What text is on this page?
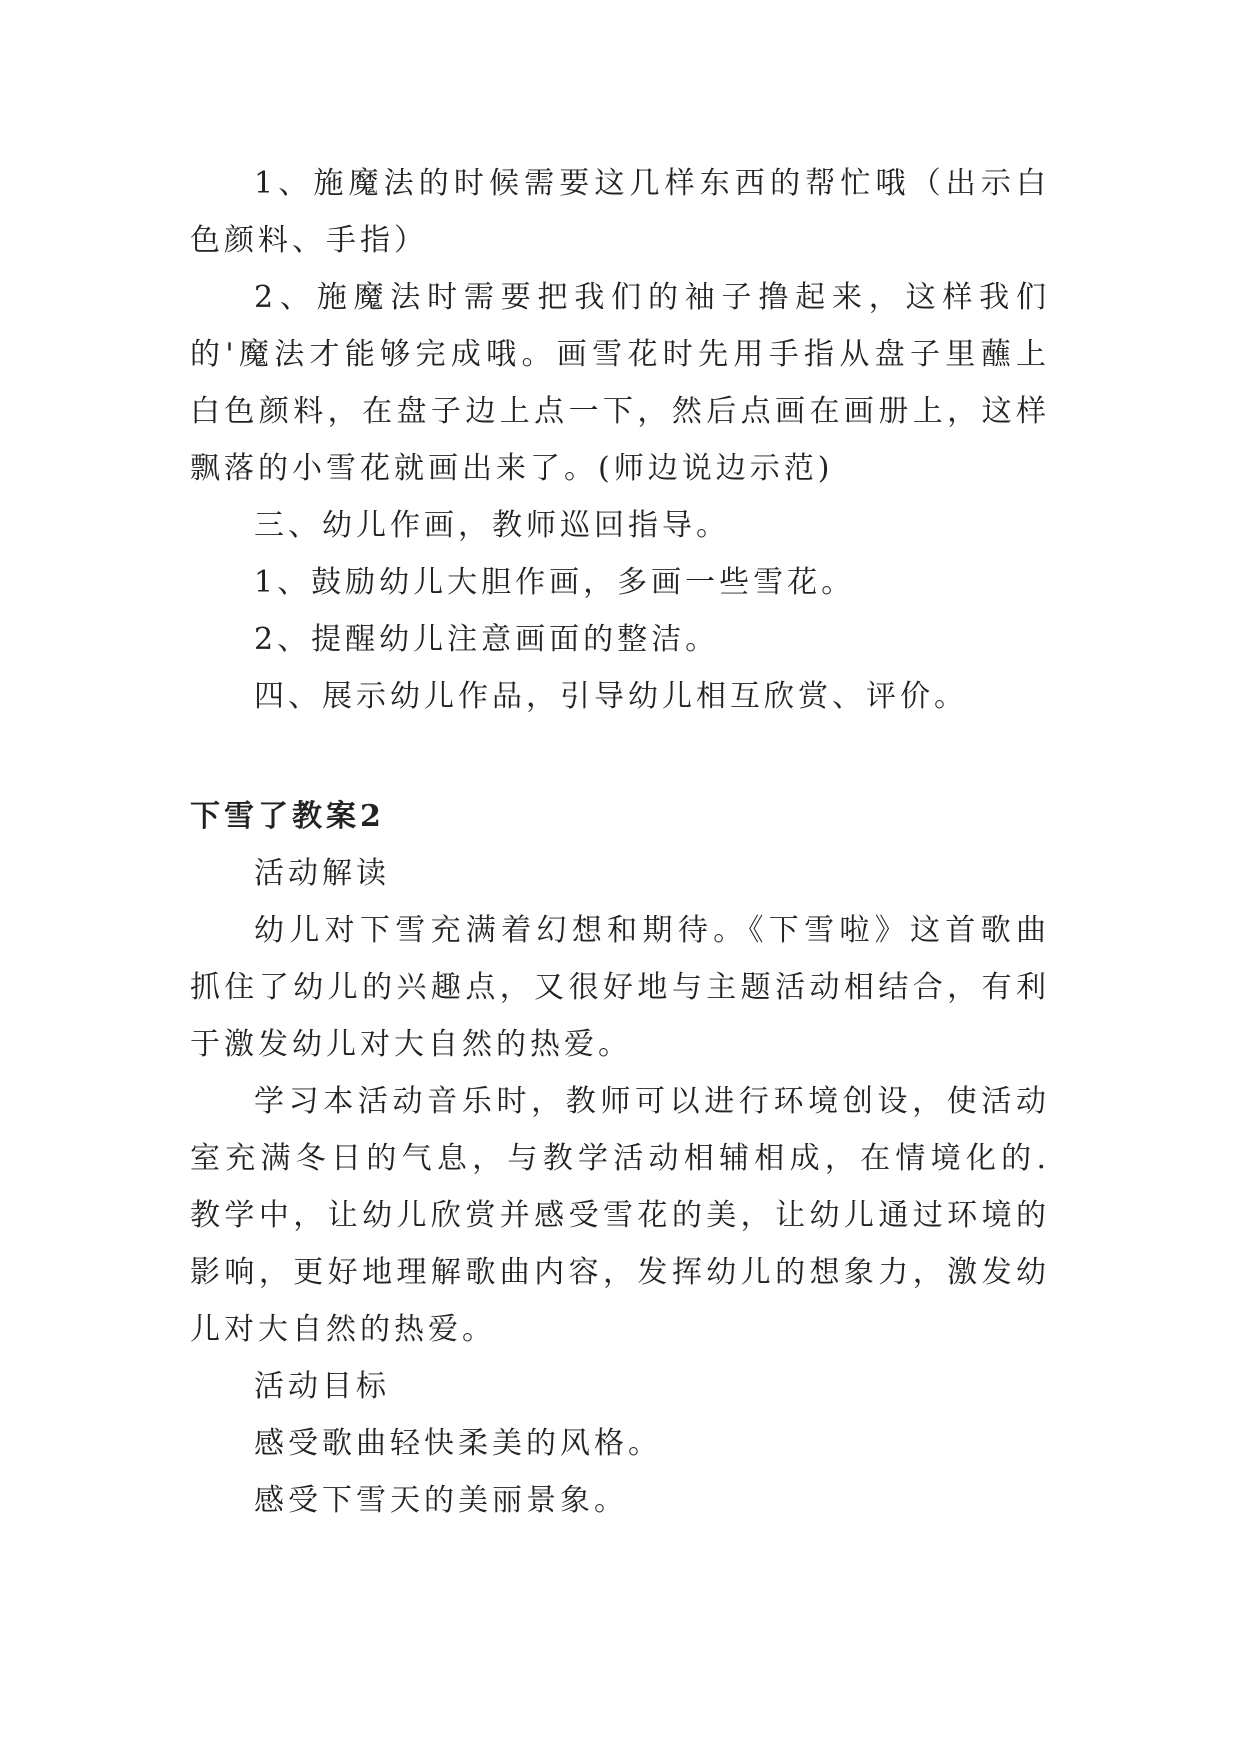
1、施魔法的时候需要这几样东西的帮忙哦（出示白色颜料、手指）

2、施魔法时需要把我们的袖子撸起来，这样我们的'魔法才能够完成哦。画雪花时先用手指从盘子里蘸上白色颜料，在盘子边上点一下，然后点画在画册上，这样飘落的小雪花就画出来了。(师边说边示范)

三、幼儿作画，教师巡回指导。

1、鼓励幼儿大胆作画，多画一些雪花。

2、提醒幼儿注意画面的整洁。

四、展示幼儿作品，引导幼儿相互欣赏、评价。

下雪了教案2

活动解读

幼儿对下雪充满着幻想和期待。《下雪啦》这首歌曲抓住了幼儿的兴趣点，又很好地与主题活动相结合，有利于激发幼儿对大自然的热爱。

学习本活动音乐时，教师可以进行环境创设，使活动室充满冬日的气息，与教学活动相辅相成，在情境化的.教学中，让幼儿欣赏并感受雪花的美，让幼儿通过环境的影响，更好地理解歌曲内容，发挥幼儿的想象力，激发幼儿对大自然的热爱。

活动目标

感受歌曲轻快柔美的风格。

感受下雪天的美丽景象。
